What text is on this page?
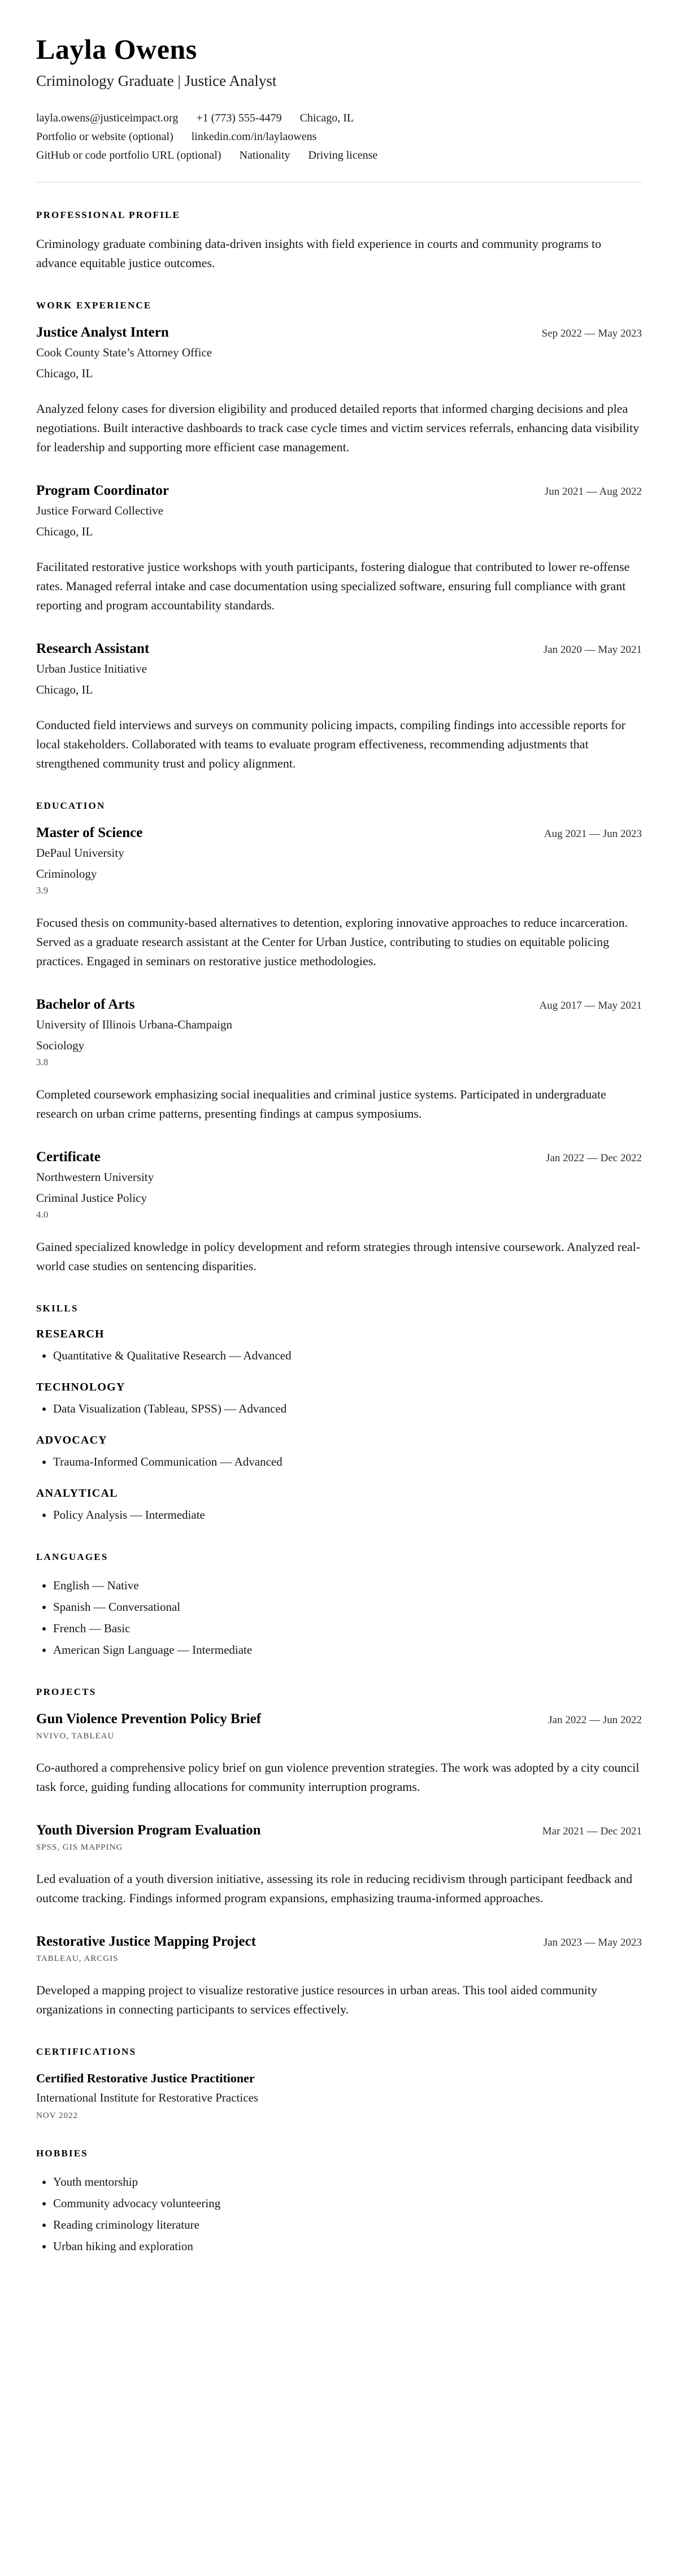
Layla Owens
Criminology Graduate | Justice Analyst
layla.owens@justiceimpact.org +1 (773) 555-4479 Chicago, IL
Portfolio or website (optional) linkedin.com/in/laylaowens
GitHub or code portfolio URL (optional) Nationality Driving license
PROFESSIONAL PROFILE

Criminology graduate combining data-driven insights with field experience in courts and community programs to advance equitable justice outcomes.

WORK EXPERIENCE
Justice Analyst Intern	Sep 2022 — May 2023
Cook County State’s Attorney Office
Chicago, IL

Analyzed felony cases for diversion eligibility and produced detailed reports that informed charging decisions and plea negotiations. Built interactive dashboards to track case cycle times and victim services referrals, enhancing data visibility for leadership and supporting more efficient case management.

Program Coordinator	Jun 2021 — Aug 2022
Justice Forward Collective
Chicago, IL

Facilitated restorative justice workshops with youth participants, fostering dialogue that contributed to lower re-offense rates. Managed referral intake and case documentation using specialized software, ensuring full compliance with grant reporting and program accountability standards.

Research Assistant	Jan 2020 — May 2021
Urban Justice Initiative
Chicago, IL

Conducted field interviews and surveys on community policing impacts, compiling findings into accessible reports for local stakeholders. Collaborated with teams to evaluate program effectiveness, recommending adjustments that strengthened community trust and policy alignment.

EDUCATION
Master of Science	Aug 2021 — Jun 2023
DePaul University
Criminology
3.9

Focused thesis on community-based alternatives to detention, exploring innovative approaches to reduce incarceration. Served as a graduate research assistant at the Center for Urban Justice, contributing to studies on equitable policing practices. Engaged in seminars on restorative justice methodologies.

Bachelor of Arts	Aug 2017 — May 2021
University of Illinois Urbana-Champaign
Sociology
3.8

Completed coursework emphasizing social inequalities and criminal justice systems. Participated in undergraduate research on urban crime patterns, presenting findings at campus symposiums.

Certificate	Jan 2022 — Dec 2022
Northwestern University
Criminal Justice Policy
4.0

Gained specialized knowledge in policy development and reform strategies through intensive coursework. Analyzed real-world case studies on sentencing disparities.

SKILLS
RESEARCH
• Quantitative & Qualitative Research — Advanced
TECHNOLOGY
• Data Visualization (Tableau, SPSS) — Advanced
ADVOCACY
• Trauma-Informed Communication — Advanced
ANALYTICAL
• Policy Analysis — Intermediate
LANGUAGES
• English — Native
• Spanish — Conversational
• French — Basic
• American Sign Language — Intermediate
PROJECTS
Gun Violence Prevention Policy Brief	Jan 2022 — Jun 2022
NVIVO, TABLEAU

Co-authored a comprehensive policy brief on gun violence prevention strategies. The work was adopted by a city council task force, guiding funding allocations for community interruption programs.

Youth Diversion Program Evaluation	Mar 2021 — Dec 2021
SPSS, GIS MAPPING

Led evaluation of a youth diversion initiative, assessing its role in reducing recidivism through participant feedback and outcome tracking. Findings informed program expansions, emphasizing trauma-informed approaches.

Restorative Justice Mapping Project	Jan 2023 — May 2023
TABLEAU, ARCGIS

Developed a mapping project to visualize restorative justice resources in urban areas. This tool aided community organizations in connecting participants to services effectively.

CERTIFICATIONS
Certified Restorative Justice Practitioner
International Institute for Restorative Practices
NOV 2022
HOBBIES
• Youth mentorship
• Community advocacy volunteering
• Reading criminology literature
• Urban hiking and exploration
